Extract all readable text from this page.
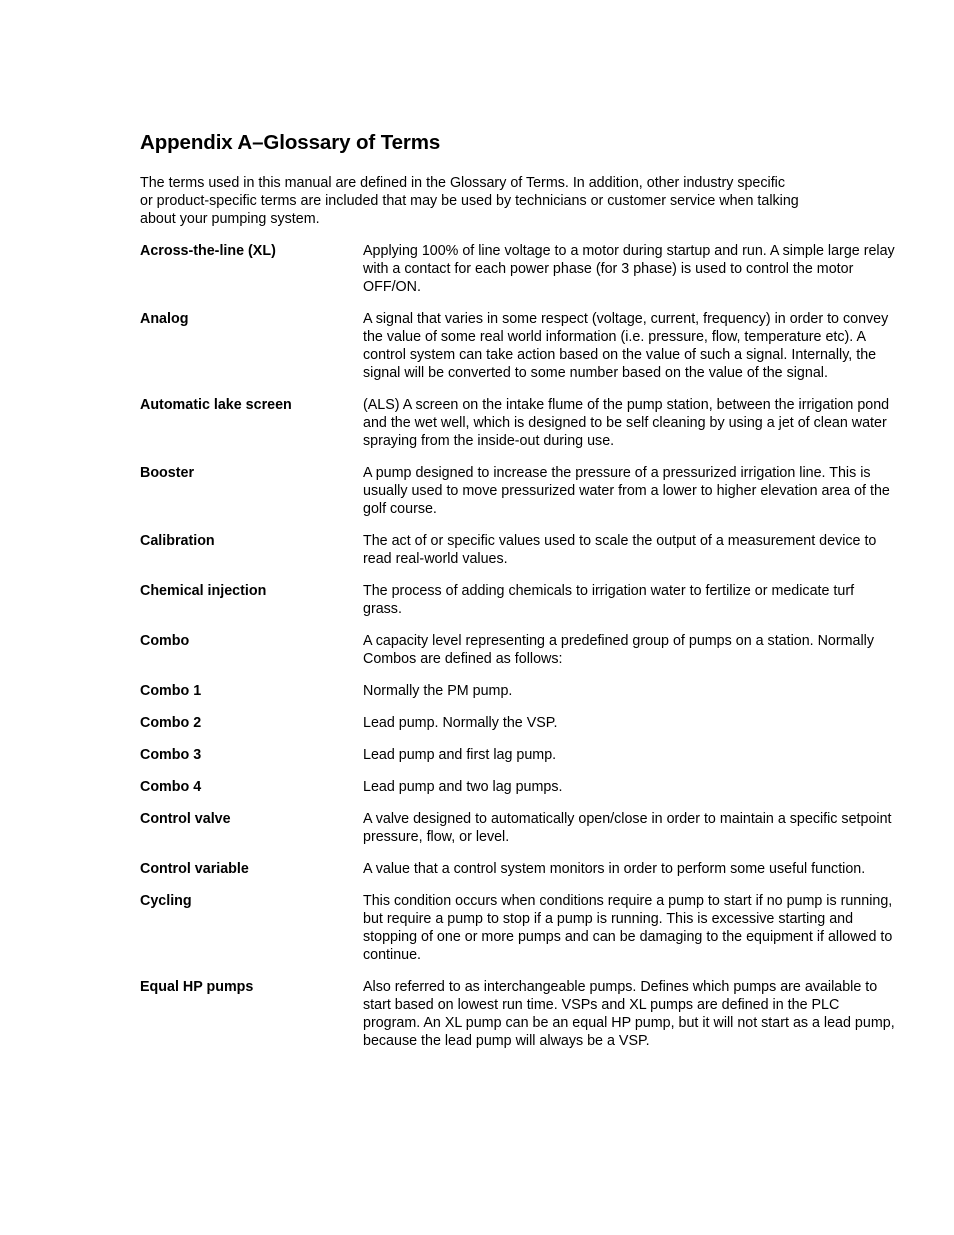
Appendix A–Glossary of Terms

The terms used in this manual are defined in the Glossary of Terms. In addition, other industry specific or product-specific terms are included that may be used by technicians or customer service when talking about your pumping system.

Across-the-line (XL)	Applying 100% of line voltage to a motor during startup and run. A simple large relay with a contact for each power phase (for 3 phase) is used to control the motor OFF/ON.
Analog	A signal that varies in some respect (voltage, current, frequency) in order to convey the value of some real world information (i.e. pressure, flow, temperature etc). A control system can take action based on the value of such a signal. Internally, the signal will be converted to some number based on the value of the signal.
Automatic lake screen	(ALS) A screen on the intake flume of the pump station, between the irrigation pond and the wet well, which is designed to be self cleaning by using a jet of clean water spraying from the inside-out during use.
Booster	A pump designed to increase the pressure of a pressurized irrigation line. This is usually used to move pressurized water from a lower to higher elevation area of the golf course.
Calibration	The act of or specific values used to scale the output of a measurement device to read real-world values.
Chemical injection	The process of adding chemicals to irrigation water to fertilize or medicate turf grass.
Combo	A capacity level representing a predefined group of pumps on a station. Normally Combos are defined as follows:
Combo 1	Normally the PM pump.
Combo 2	Lead pump. Normally the VSP.
Combo 3	Lead pump and first lag pump.
Combo 4	Lead pump and two lag pumps.
Control valve	A valve designed to automatically open/close in order to maintain a specific setpoint pressure, flow, or level.
Control variable	A value that a control system monitors in order to perform some useful function.
Cycling	This condition occurs when conditions require a pump to start if no pump is running, but require a pump to stop if a pump is running. This is excessive starting and stopping of one or more pumps and can be damaging to the equipment if allowed to continue.
Equal HP pumps	Also referred to as interchangeable pumps. Defines which pumps are available to start based on lowest run time. VSPs and XL pumps are defined in the PLC program. An XL pump can be an equal HP pump, but it will not start as a lead pump, because the lead pump will always be a VSP.
